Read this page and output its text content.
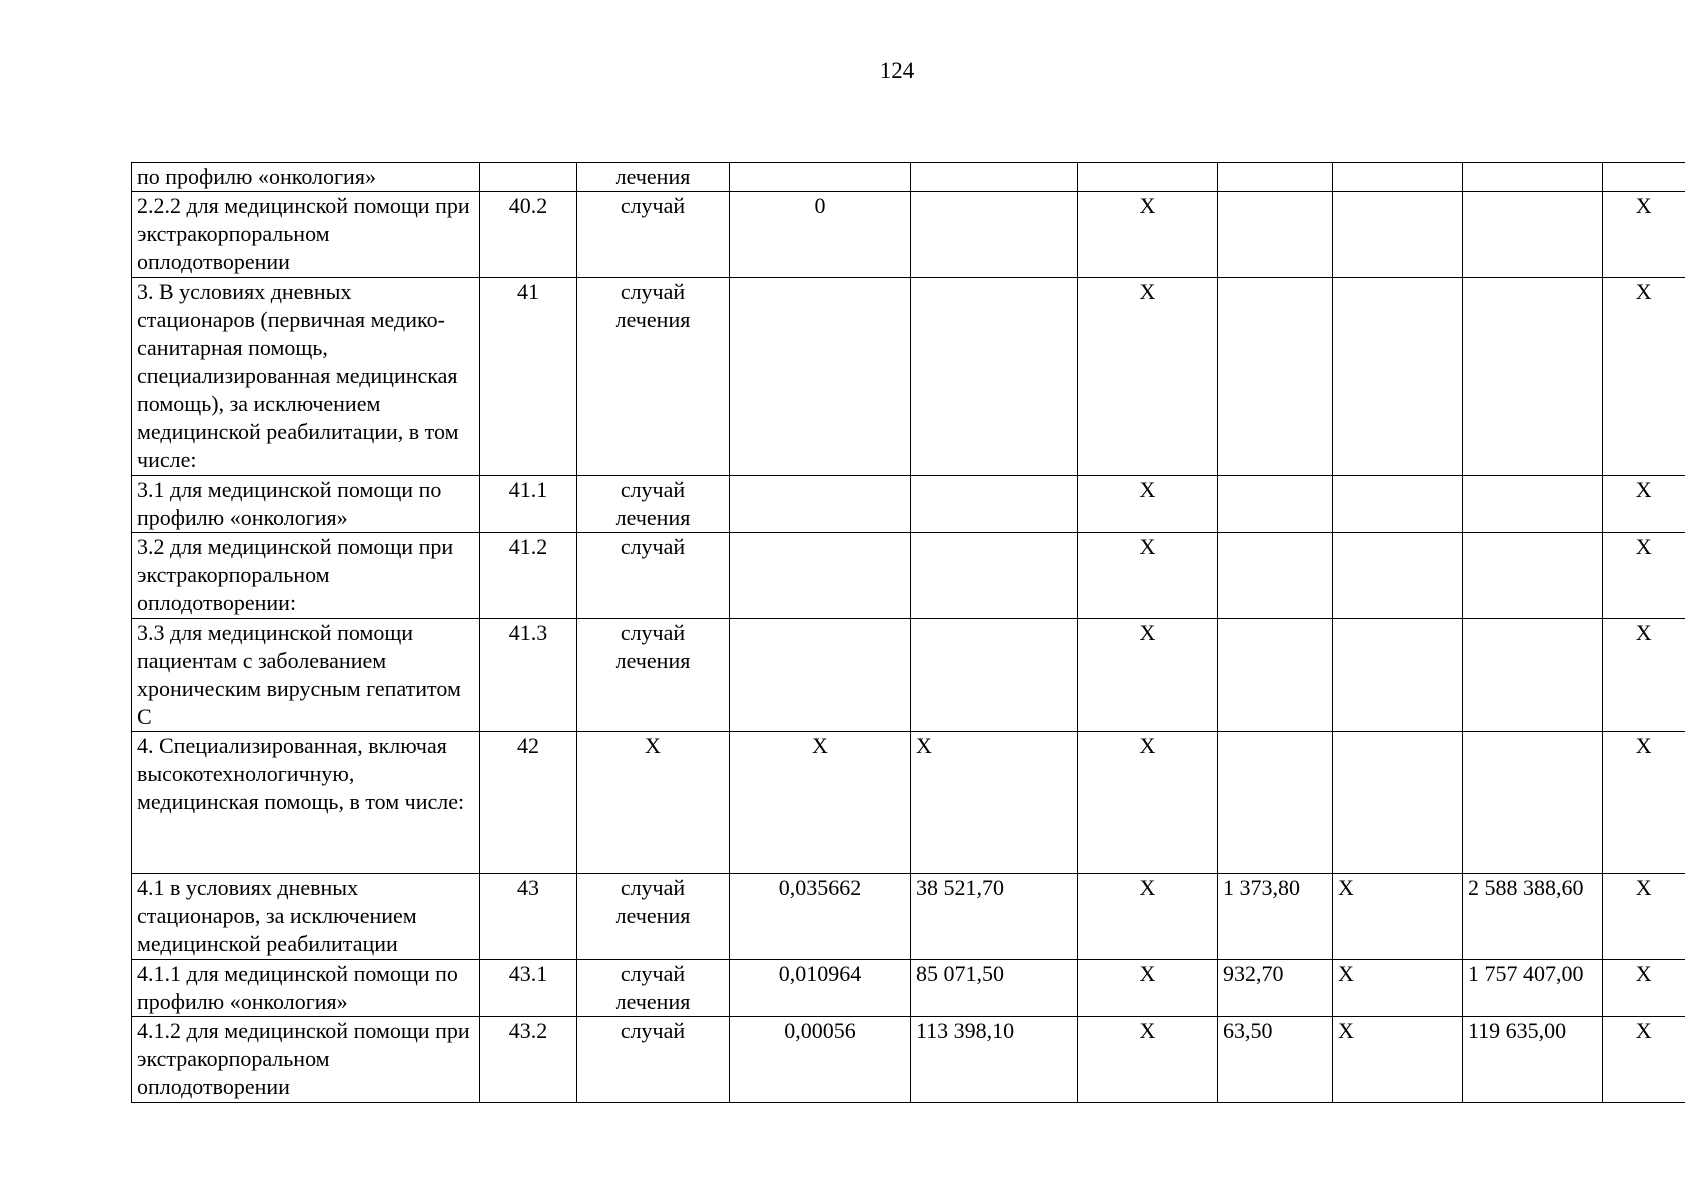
124
по профилю «онкология»		лечения							
2.2.2 для медицинской помощи при экстракорпоральном оплодотворении	40.2	случай	0		X				X
3. В условиях дневных стационаров (первичная медико-санитарная помощь, специализированная медицинская помощь), за исключением медицинской реабилитации, в том числе:	41	случай лечения			X				X
3.1 для медицинской помощи по профилю «онкология»	41.1	случай лечения			X				X
3.2 для медицинской помощи при экстракорпоральном оплодотворении:	41.2	случай			X				X
3.3 для медицинской помощи пациентам с заболеванием хроническим вирусным гепатитом С	41.3	случай лечения			X				X
4. Специализированная, включая высокотехнологичную, медицинская помощь, в том числе:	42	X	X	X	X				X
4.1 в условиях дневных стационаров, за исключением медицинской реабилитации	43	случай лечения	0,035662	38 521,70	X	1 373,80	X	2 588 388,60	X
4.1.1 для медицинской помощи по профилю «онкология»	43.1	случай лечения	0,010964	85 071,50	X	932,70	X	1 757 407,00	X
4.1.2 для медицинской помощи при экстракорпоральном оплодотворении	43.2	случай	0,00056	113 398,10	X	63,50	X	119 635,00	X
